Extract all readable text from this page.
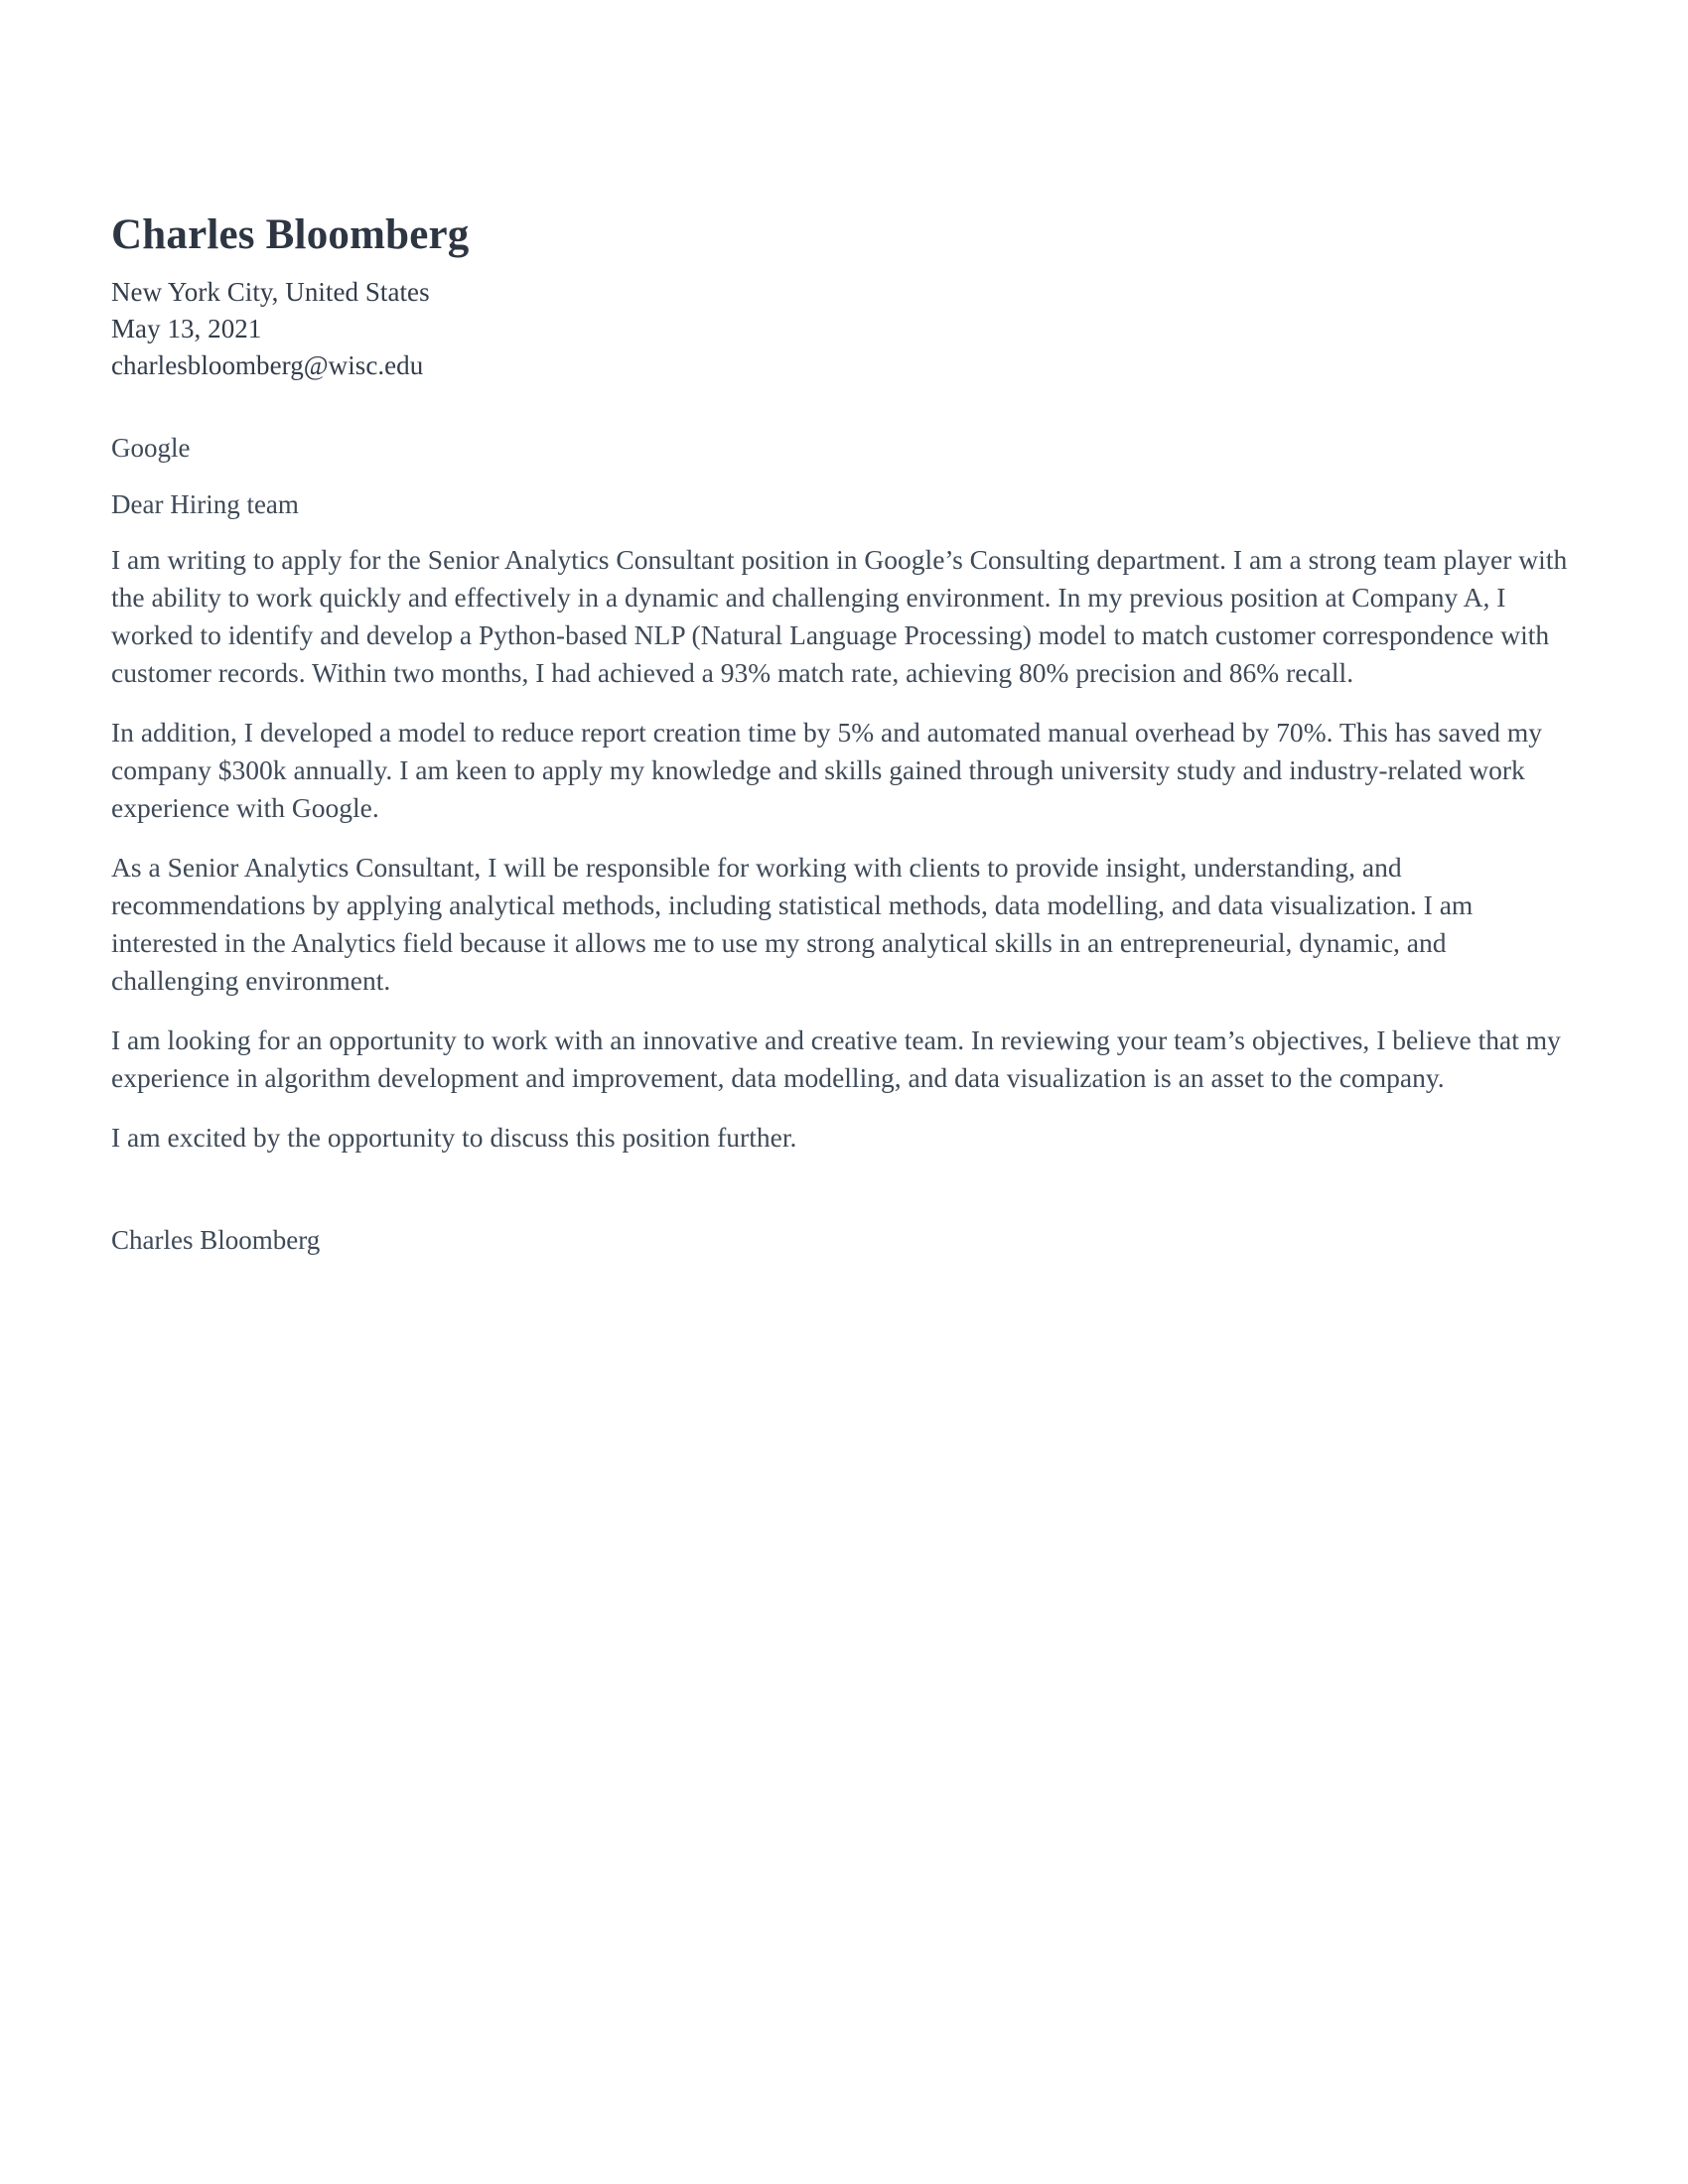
Charles Bloomberg
New York City, United States
May 13, 2021
charlesbloomberg@wisc.edu
Google
Dear Hiring team

I am writing to apply for the Senior Analytics Consultant position in Google’s Consulting department. I am a strong team player with the ability to work quickly and effectively in a dynamic and challenging environment. In my previous position at Company A, I worked to identify and develop a Python-based NLP (Natural Language Processing) model to match customer correspondence with customer records. Within two months, I had achieved a 93% match rate, achieving 80% precision and 86% recall.

In addition, I developed a model to reduce report creation time by 5% and automated manual overhead by 70%. This has saved my company $300k annually. I am keen to apply my knowledge and skills gained through university study and industry-related work experience with Google.

As a Senior Analytics Consultant, I will be responsible for working with clients to provide insight, understanding, and recommendations by applying analytical methods, including statistical methods, data modelling, and data visualization. I am interested in the Analytics field because it allows me to use my strong analytical skills in an entrepreneurial, dynamic, and challenging environment.

I am looking for an opportunity to work with an innovative and creative team. In reviewing your team’s objectives, I believe that my experience in algorithm development and improvement, data modelling, and data visualization is an asset to the company.

I am excited by the opportunity to discuss this position further.

Charles Bloomberg
